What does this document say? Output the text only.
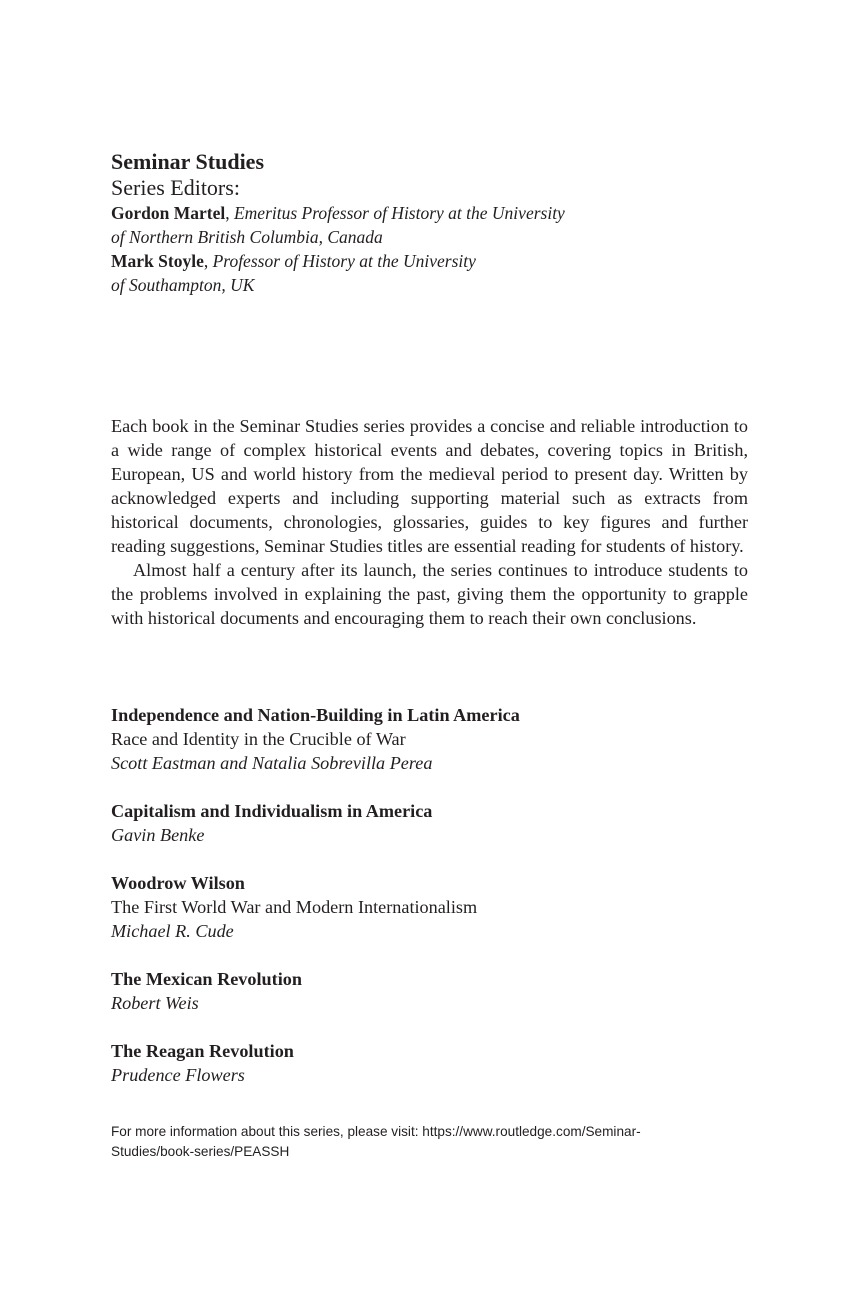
Seminar Studies
Series Editors:
Gordon Martel, Emeritus Professor of History at the University
of Northern British Columbia, Canada
Mark Stoyle, Professor of History at the University
of Southampton, UK

Each book in the Seminar Studies series provides a concise and reliable introduction to a wide range of complex historical events and debates, covering topics in British, European, US and world history from the medieval period to present day. Written by acknowledged experts and including supporting material such as extracts from historical documents, chronologies, glossaries, guides to key figures and further reading suggestions, Seminar Studies titles are essential reading for students of history.

Almost half a century after its launch, the series continues to introduce students to the problems involved in explaining the past, giving them the opportunity to grapple with historical documents and encouraging them to reach their own conclusions.

Independence and Nation-Building in Latin America
Race and Identity in the Crucible of War
Scott Eastman and Natalia Sobrevilla Perea
Capitalism and Individualism in America
Gavin Benke
Woodrow Wilson
The First World War and Modern Internationalism
Michael R. Cude
The Mexican Revolution
Robert Weis
The Reagan Revolution
Prudence Flowers
For more information about this series, please visit: https://www.routledge.com/Seminar-
Studies/book-series/PEASSH
